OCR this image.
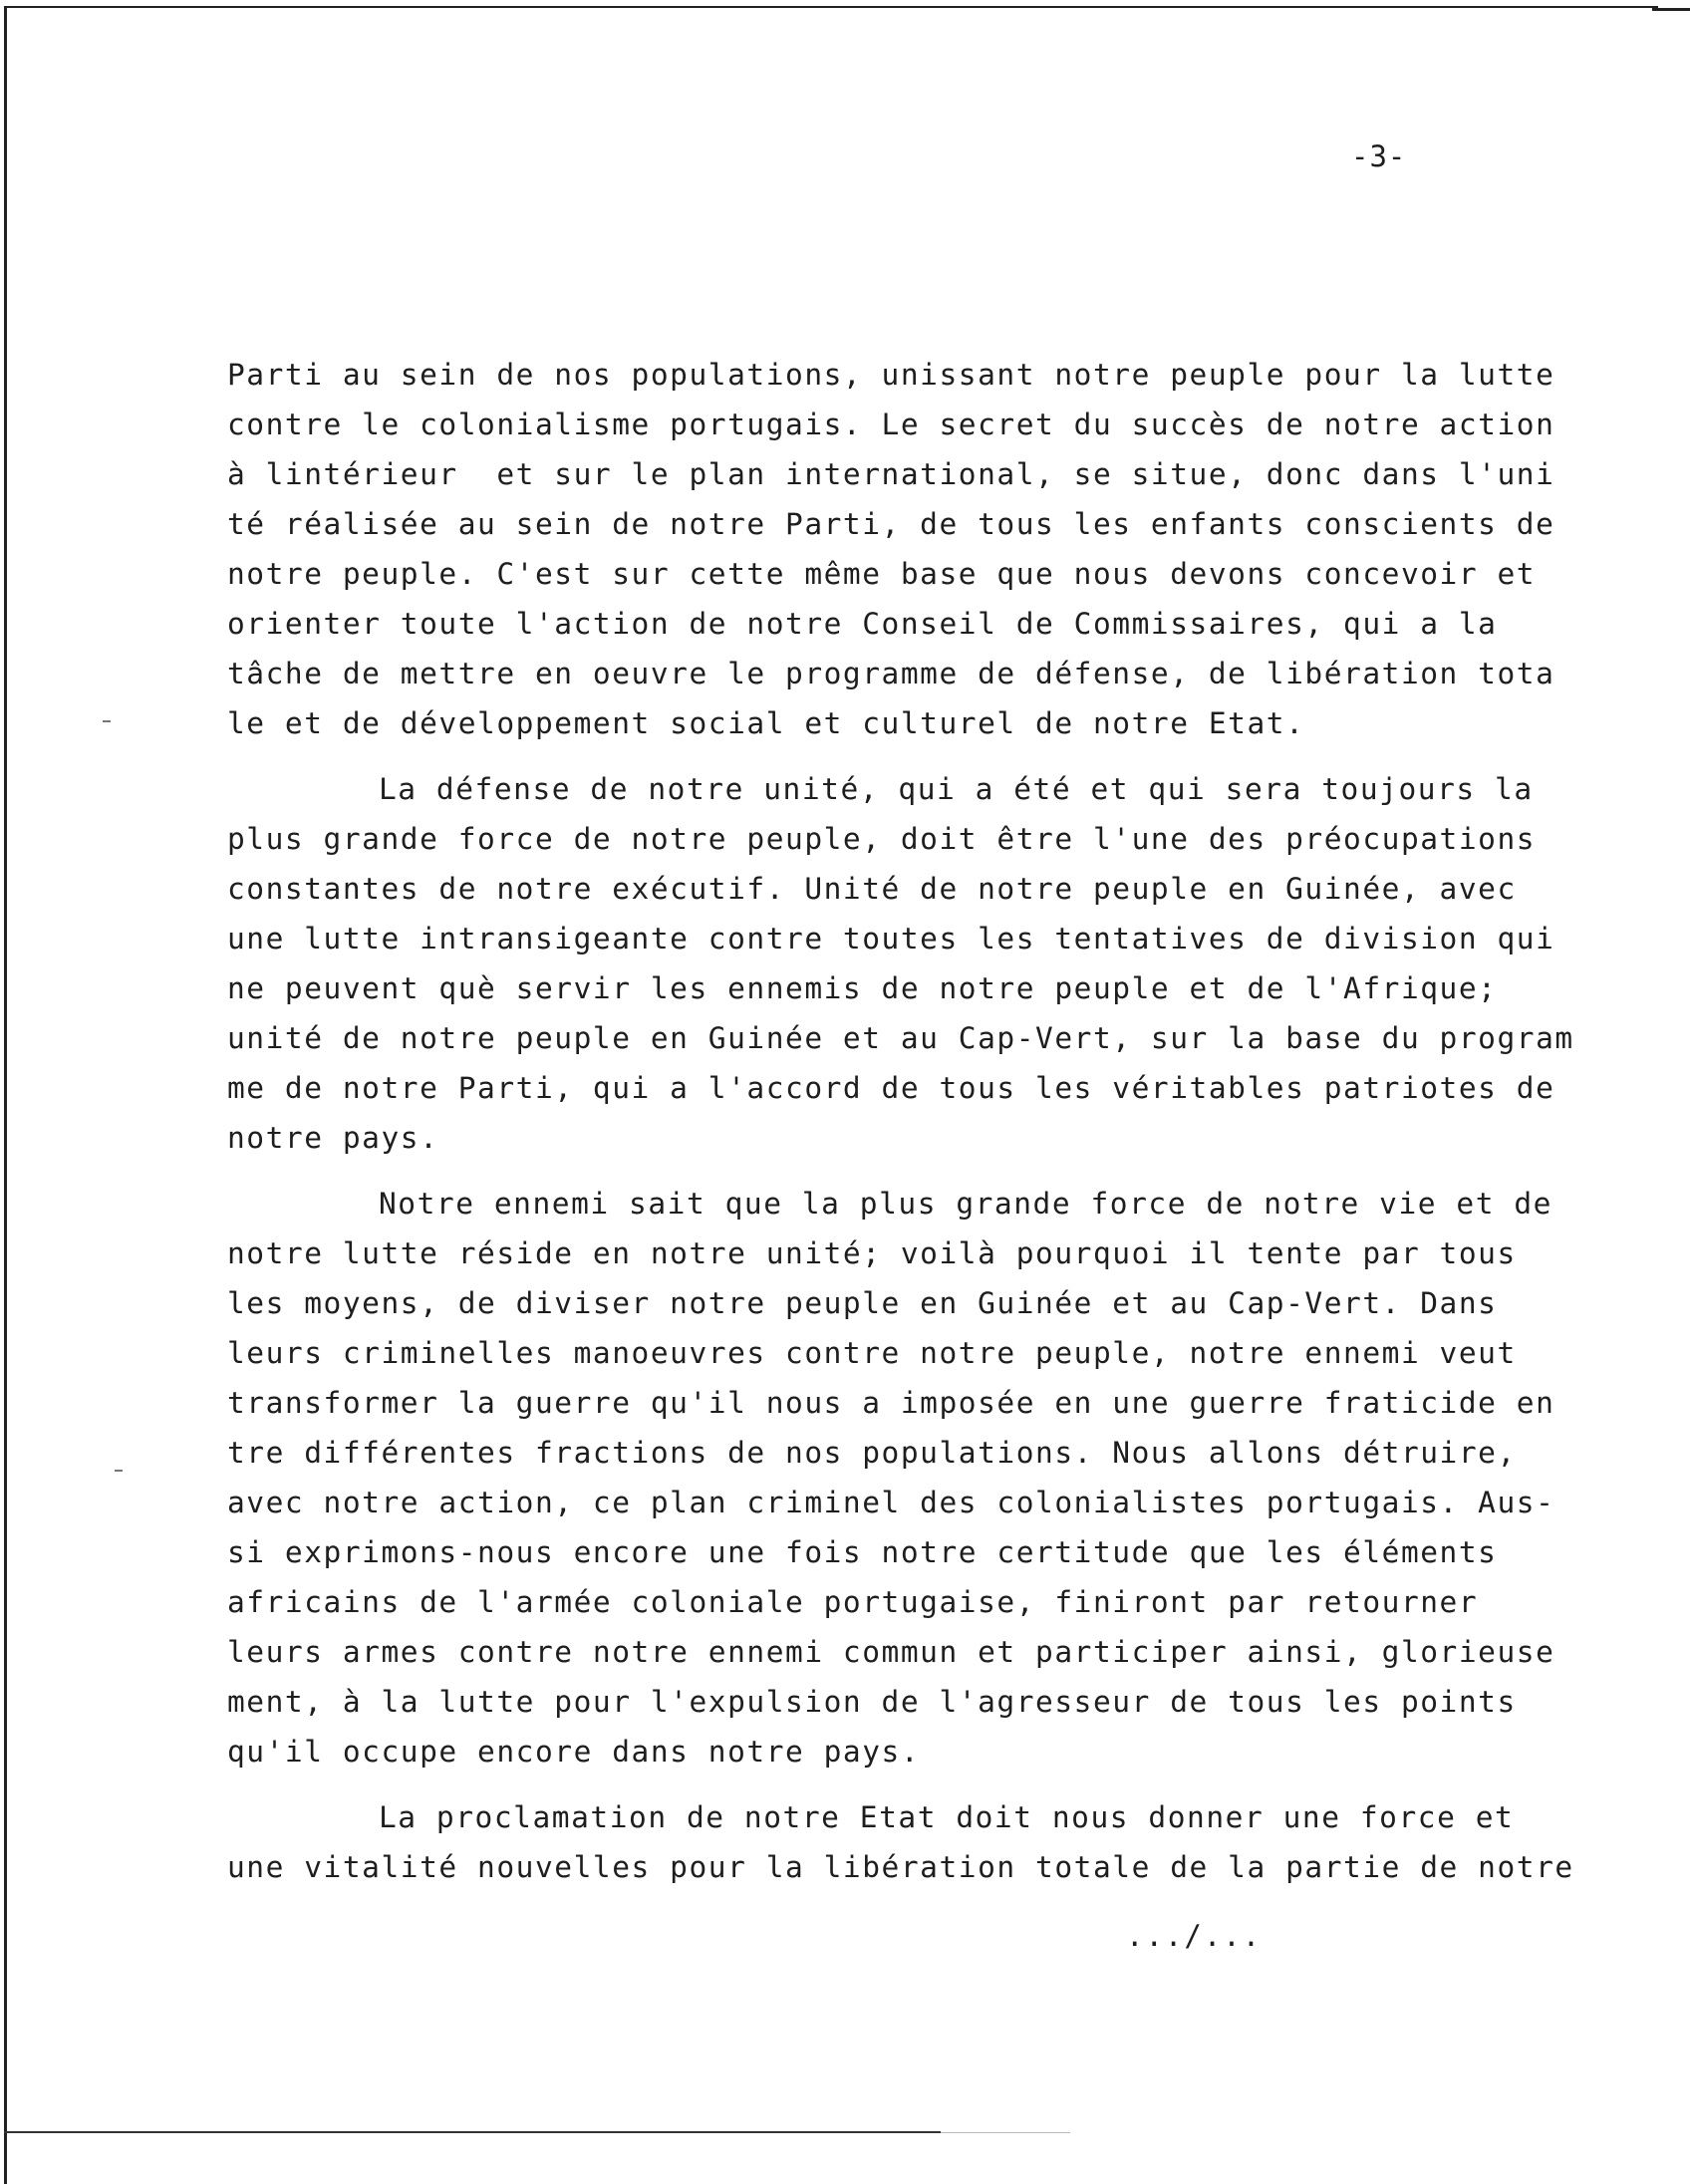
-3-
Parti au sein de nos populations, unissant notre peuple pour la lutte
contre le colonialisme portugais. Le secret du succès de notre action
à lintérieur  et sur le plan international, se situe, donc dans l'uni
té réalisée au sein de notre Parti, de tous les enfants conscients de
notre peuple. C'est sur cette même base que nous devons concevoir et
orienter toute l'action de notre Conseil de Commissaires, qui a la
tâche de mettre en oeuvre le programme de défense, de libération tota
le et de développement social et culturel de notre Etat.
La défense de notre unité, qui a été et qui sera toujours la
plus grande force de notre peuple, doit être l'une des préocupations
constantes de notre exécutif. Unité de notre peuple en Guinée, avec
une lutte intransigeante contre toutes les tentatives de division qui
ne peuvent què servir les ennemis de notre peuple et de l'Afrique;
unité de notre peuple en Guinée et au Cap-Vert, sur la base du program
me de notre Parti, qui a l'accord de tous les véritables patriotes de
notre pays.
Notre ennemi sait que la plus grande force de notre vie et de
notre lutte réside en notre unité; voilà pourquoi il tente par tous
les moyens, de diviser notre peuple en Guinée et au Cap-Vert. Dans
leurs criminelles manoeuvres contre notre peuple, notre ennemi veut
transformer la guerre qu'il nous a imposée en une guerre fraticide en
tre différentes fractions de nos populations. Nous allons détruire,
avec notre action, ce plan criminel des colonialistes portugais. Aus-
si exprimons-nous encore une fois notre certitude que les éléments
africains de l'armée coloniale portugaise, finiront par retourner
leurs armes contre notre ennemi commun et participer ainsi, glorieuse
ment, à la lutte pour l'expulsion de l'agresseur de tous les points
qu'il occupe encore dans notre pays.
La proclamation de notre Etat doit nous donner une force et
une vitalité nouvelles pour la libération totale de la partie de notre
.../...
